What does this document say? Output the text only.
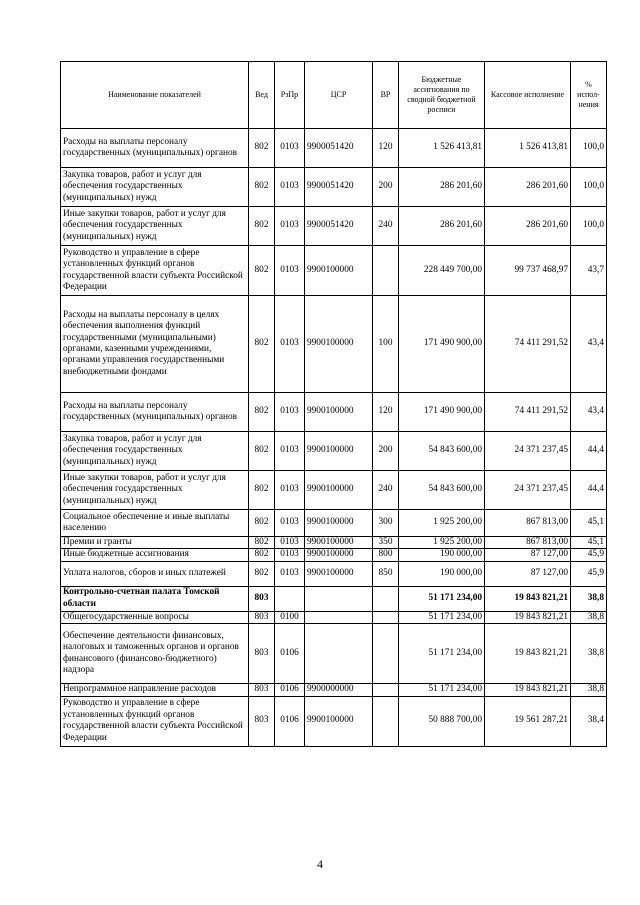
Наименование показателей	Вед	РзПр	ЦСР	ВР	Бюджетные ассигнования по сводной бюджетной росписи	Кассовое исполнение	% испол-нения
Расходы на выплаты персоналу государственных (муниципальных) органов	802	0103	9900051420	120	1 526 413,81	1 526 413,81	100,0
Закупка товаров, работ и услуг для обеспечения государственных (муниципальных) нужд	802	0103	9900051420	200	286 201,60	286 201,60	100,0
Иные закупки товаров, работ и услуг для обеспечения государственных (муниципальных) нужд	802	0103	9900051420	240	286 201,60	286 201,60	100,0
Руководство и управление в сфере установленных функций органов государственной власти субъекта Российской Федерации	802	0103	9900100000		228 449 700,00	99 737 468,97	43,7
Расходы на выплаты персоналу в целях обеспечения выполнения функций государственными (муниципальными) органами, казенными учреждениями, органами управления государственными внебюджетными фондами	802	0103	9900100000	100	171 490 900,00	74 411 291,52	43,4
Расходы на выплаты персоналу государственных (муниципальных) органов	802	0103	9900100000	120	171 490 900,00	74 411 291,52	43,4
Закупка товаров, работ и услуг для обеспечения государственных (муниципальных) нужд	802	0103	9900100000	200	54 843 600,00	24 371 237,45	44,4
Иные закупки товаров, работ и услуг для обеспечения государственных (муниципальных) нужд	802	0103	9900100000	240	54 843 600,00	24 371 237,45	44,4
Социальное обеспечение и иные выплаты населению	802	0103	9900100000	300	1 925 200,00	867 813,00	45,1
Премии и гранты	802	0103	9900100000	350	1 925 200,00	867 813,00	45,1
Иные бюджетные ассигнования	802	0103	9900100000	800	190 000,00	87 127,00	45,9
Уплата налогов, сборов и иных платежей	802	0103	9900100000	850	190 000,00	87 127,00	45,9
Контрольно-счетная палата Томской области	803				51 171 234,00	19 843 821,21	38,8
Общегосударственные вопросы	803	0100			51 171 234,00	19 843 821,21	38,8
Обеспечение деятельности финансовых, налоговых и таможенных органов и органов финансового (финансово-бюджетного) надзора	803	0106			51 171 234,00	19 843 821,21	38,8
Непрограммное направление расходов	803	0106	9900000000		51 171 234,00	19 843 821,21	38,8
Руководство и управление в сфере установленных функций органов государственной власти субъекта Российской Федерации	803	0106	9900100000		50 888 700,00	19 561 287,21	38,4
4
